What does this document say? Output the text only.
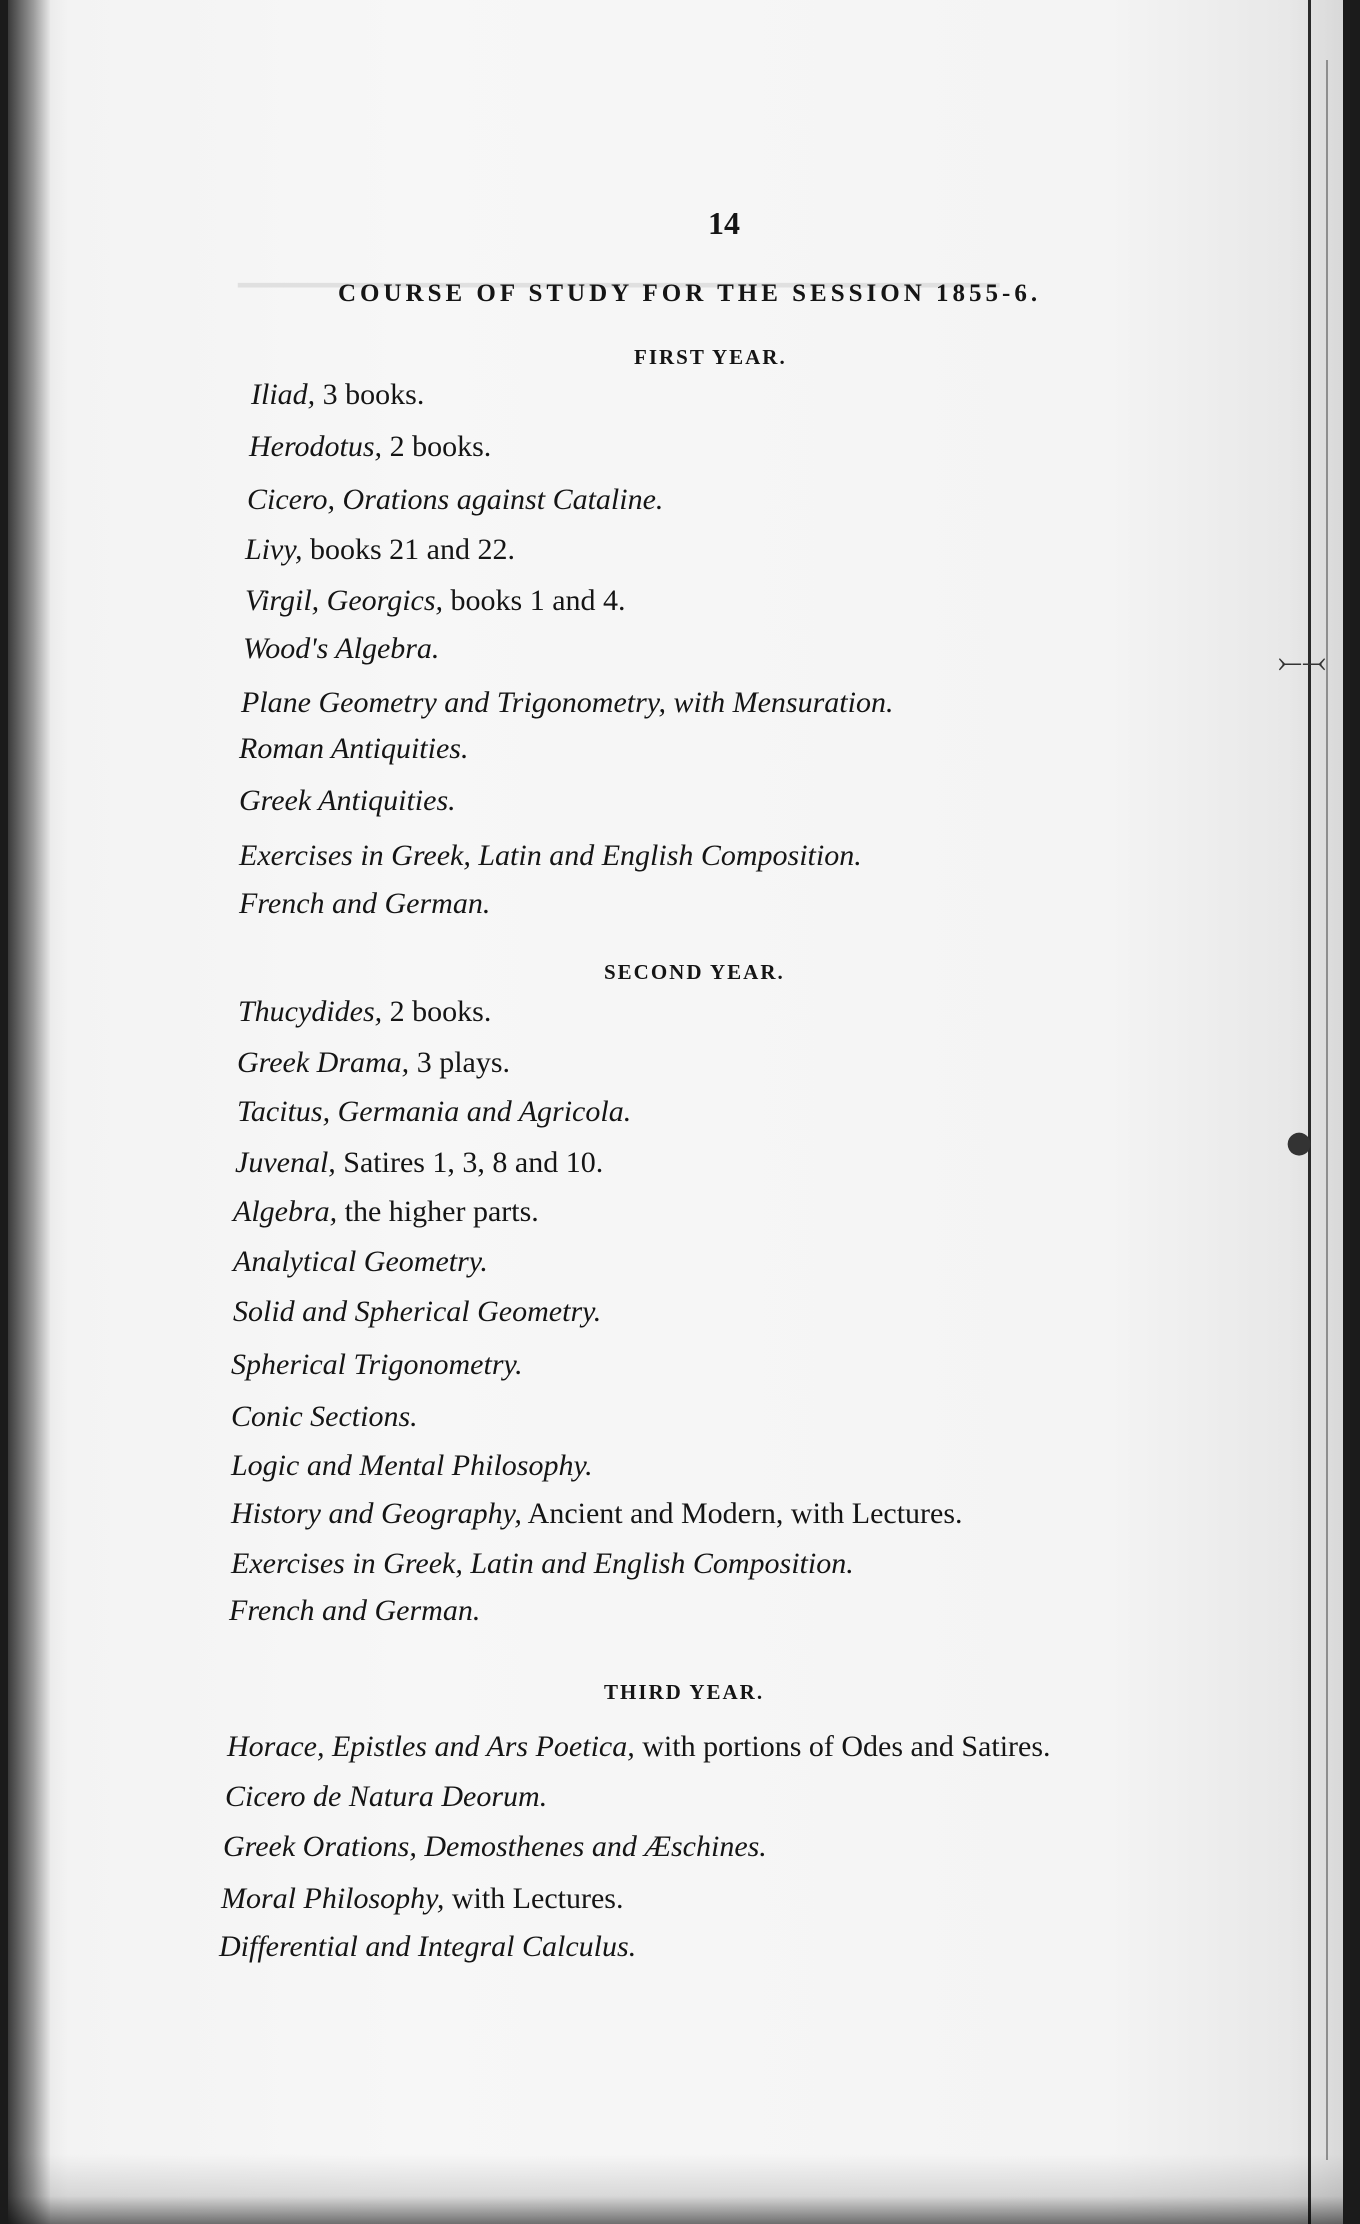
▁▁▁▁▁▁▁▁▁▁▁▁▁▁▁▁▁▁▁▁▁▁▁▁▁▁▁▁▁▁▁▁▁

14
COURSE OF STUDY FOR THE SESSION 1855-6.
FIRST YEAR.
Iliad, 3 books.
Herodotus, 2 books.
Cicero, Orations against Cataline.
Livy, books 21 and 22.
Virgil, Georgics, books 1 and 4.
Wood's Algebra.
Plane Geometry and Trigonometry, with Mensuration.
Roman Antiquities.
Greek Antiquities.
Exercises in Greek, Latin and English Composition.
French and German.
SECOND YEAR.
Thucydides, 2 books.
Greek Drama, 3 plays.
Tacitus, Germania and Agricola.
Juvenal, Satires 1, 3, 8 and 10.
Algebra, the higher parts.
Analytical Geometry.
Solid and Spherical Geometry.
Spherical Trigonometry.
Conic Sections.
Logic and Mental Philosophy.
History and Geography, Ancient and Modern, with Lectures.
Exercises in Greek, Latin and English Composition.
French and German.
THIRD YEAR.
Horace, Epistles and Ars Poetica, with portions of Odes and Satires.
Cicero de Natura Deorum.
Greek Orations, Demosthenes and Æschines.
Moral Philosophy, with Lectures.
Differential and Integral Calculus.
⤚⤙
●
